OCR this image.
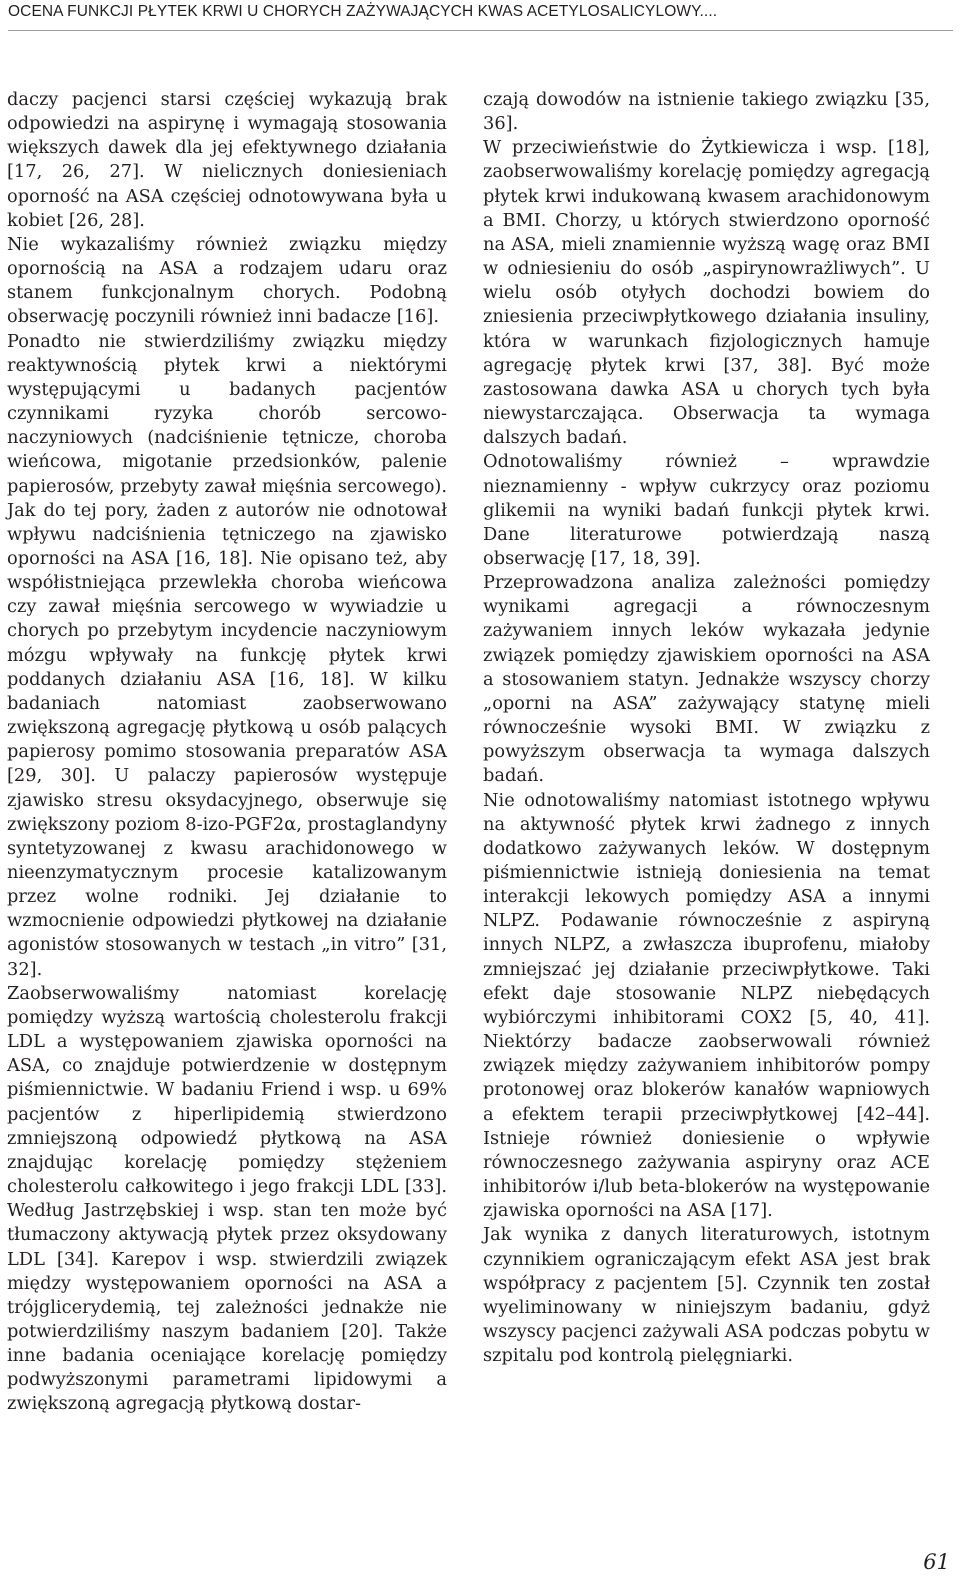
OCENA FUNKCJI PŁYTEK KRWI U CHORYCH ZAŻYWAJĄCYCH KWAS ACETYLOSALICYLOWY....

daczy pacjenci starsi częściej wykazują brak odpowiedzi na aspirynę i wymagają stosowania większych dawek dla jej efektywnego działania [17, 26, 27]. W nielicznych doniesieniach oporność na ASA częściej odnotowywana była u kobiet [26, 28].

Nie wykazaliśmy również związku między opornością na ASA a rodzajem udaru oraz stanem funkcjonalnym chorych. Podobną obserwację poczynili również inni badacze [16].

Ponadto nie stwierdziliśmy związku między reaktywnością płytek krwi a niektórymi występującymi u badanych pacjentów czynnikami ryzyka chorób sercowo-naczyniowych (nadciśnienie tętnicze, choroba wieńcowa, migotanie przedsionków, palenie papierosów, przebyty zawał mięśnia sercowego). Jak do tej pory, żaden z autorów nie odnotował wpływu nadciśnienia tętniczego na zjawisko oporności na ASA [16, 18]. Nie opisano też, aby współistniejąca przewlekła choroba wieńcowa czy zawał mięśnia sercowego w wywiadzie u chorych po przebytym incydencie naczyniowym mózgu wpływały na funkcję płytek krwi poddanych działaniu ASA [16, 18]. W kilku badaniach natomiast zaobserwowano zwiększoną agregację płytkową u osób palących papierosy pomimo stosowania preparatów ASA [29, 30]. U palaczy papierosów występuje zjawisko stresu oksydacyjnego, obserwuje się zwiększony poziom 8-izo-PGF2α, prostaglandyny syntetyzowanej z kwasu arachidonowego w nieenzymatycznym procesie katalizowanym przez wolne rodniki. Jej działanie to wzmocnienie odpowiedzi płytkowej na działanie agonistów stosowanych w testach „in vitro” [31, 32].

Zaobserwowaliśmy natomiast korelację pomiędzy wyższą wartością cholesterolu frakcji LDL a występowaniem zjawiska oporności na ASA, co znajduje potwierdzenie w dostępnym piśmiennictwie. W badaniu Friend i wsp. u 69% pacjentów z hiperlipidemią stwierdzono zmniejszoną odpowiedź płytkową na ASA znajdując korelację pomiędzy stężeniem cholesterolu całkowitego i jego frakcji LDL [33]. Według Jastrzębskiej i wsp. stan ten może być tłumaczony aktywacją płytek przez oksydowany LDL [34]. Karepov i wsp. stwierdzili związek między występowaniem oporności na ASA a trójglicerydemią, tej zależności jednakże nie potwierdziliśmy naszym badaniem [20]. Także inne badania oceniające korelację pomiędzy podwyższonymi parametrami lipidowymi a zwiększoną agregacją płytkową dostar-

czają dowodów na istnienie takiego związku [35, 36].

W przeciwieństwie do Żytkiewicza i wsp. [18], zaobserwowaliśmy korelację pomiędzy agregacją płytek krwi indukowaną kwasem arachidonowym a BMI. Chorzy, u których stwierdzono oporność na ASA, mieli znamiennie wyższą wagę oraz BMI w odniesieniu do osób „aspirynowrażliwych”. U wielu osób otyłych dochodzi bowiem do zniesienia przeciwpłytkowego działania insuliny, która w warunkach fizjologicznych hamuje agregację płytek krwi [37, 38]. Być może zastosowana dawka ASA u chorych tych była niewystarczająca. Obserwacja ta wymaga dalszych badań.

Odnotowaliśmy również – wprawdzie nieznamienny - wpływ cukrzycy oraz poziomu glikemii na wyniki badań funkcji płytek krwi. Dane literaturowe potwierdzają naszą obserwację [17, 18, 39].

Przeprowadzona analiza zależności pomiędzy wynikami agregacji a równoczesnym zażywaniem innych leków wykazała jedynie związek pomiędzy zjawiskiem oporności na ASA a stosowaniem statyn. Jednakże wszyscy chorzy „oporni na ASA” zażywający statynę mieli równocześnie wysoki BMI. W związku z powyższym obserwacja ta wymaga dalszych badań.

Nie odnotowaliśmy natomiast istotnego wpływu na aktywność płytek krwi żadnego z innych dodatkowo zażywanych leków. W dostępnym piśmiennictwie istnieją doniesienia na temat interakcji lekowych pomiędzy ASA a innymi NLPZ. Podawanie równocześnie z aspiryną innych NLPZ, a zwłaszcza ibuprofenu, miałoby zmniejszać jej działanie przeciwpłytkowe. Taki efekt daje stosowanie NLPZ niebędących wybiórczymi inhibitorami COX2 [5, 40, 41]. Niektórzy badacze zaobserwowali również związek między zażywaniem inhibitorów pompy protonowej oraz blokerów kanałów wapniowych a efektem terapii przeciwpłytkowej [42–44]. Istnieje również doniesienie o wpływie równoczesnego zażywania aspiryny oraz ACE inhibitorów i/lub beta-blokerów na występowanie zjawiska oporności na ASA [17].

Jak wynika z danych literaturowych, istotnym czynnikiem ograniczającym efekt ASA jest brak współpracy z pacjentem [5]. Czynnik ten został wyeliminowany w niniejszym badaniu, gdyż wszyscy pacjenci zażywali ASA podczas pobytu w szpitalu pod kontrolą pielęgniarki.

61
